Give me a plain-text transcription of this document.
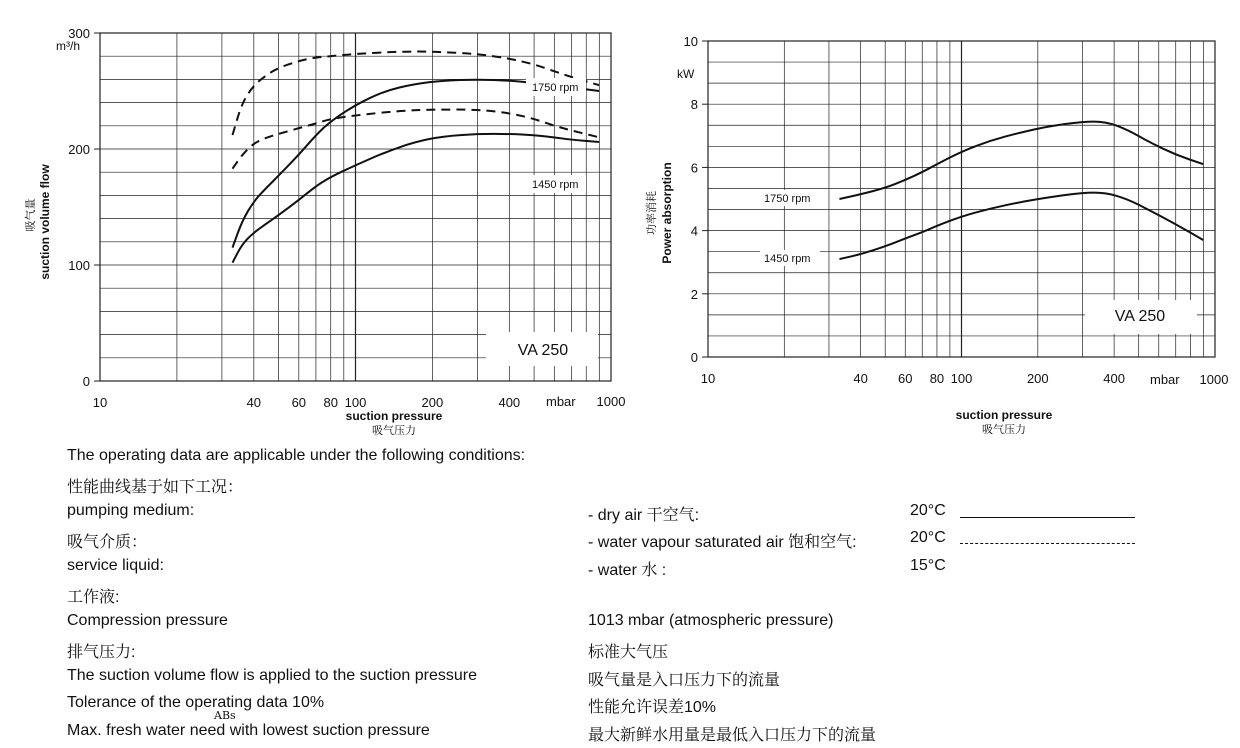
0
100
200
300
10	40 60 80 100	200	400
VA 250
1750 rpm
1450 rpm
m³/h
mbar 1000
suction pressure
吸气压力
suction volume flow
吸气量
0
2
4
6
8
10
10	40 60 80 100	200	400
VA 250
1750 rpm
1450 rpm
kW
mbar 1000
suction pressure
吸气压力
Power absorption
功率消耗
The operating data are applicable under the following conditions:
性能曲线基于如下工况：
pumping medium:	- dry air 干空气:	20°C
吸气介质：	- water vapour saturated air 饱和空气:	20°C
service liquid:	- water 水 :	15°C
工作液:
Compression pressure	1013 mbar (atmospheric pressure)
排气压力:	标准大气压
The suction volume flow is applied to the suction pressure	吸气量是入口压力下的流量
Tolerance of the operating data 10%	性能允许误差10%
ABs
Max. fresh water need with lowest suction pressure	最大新鲜水用量是最低入口压力下的流量
